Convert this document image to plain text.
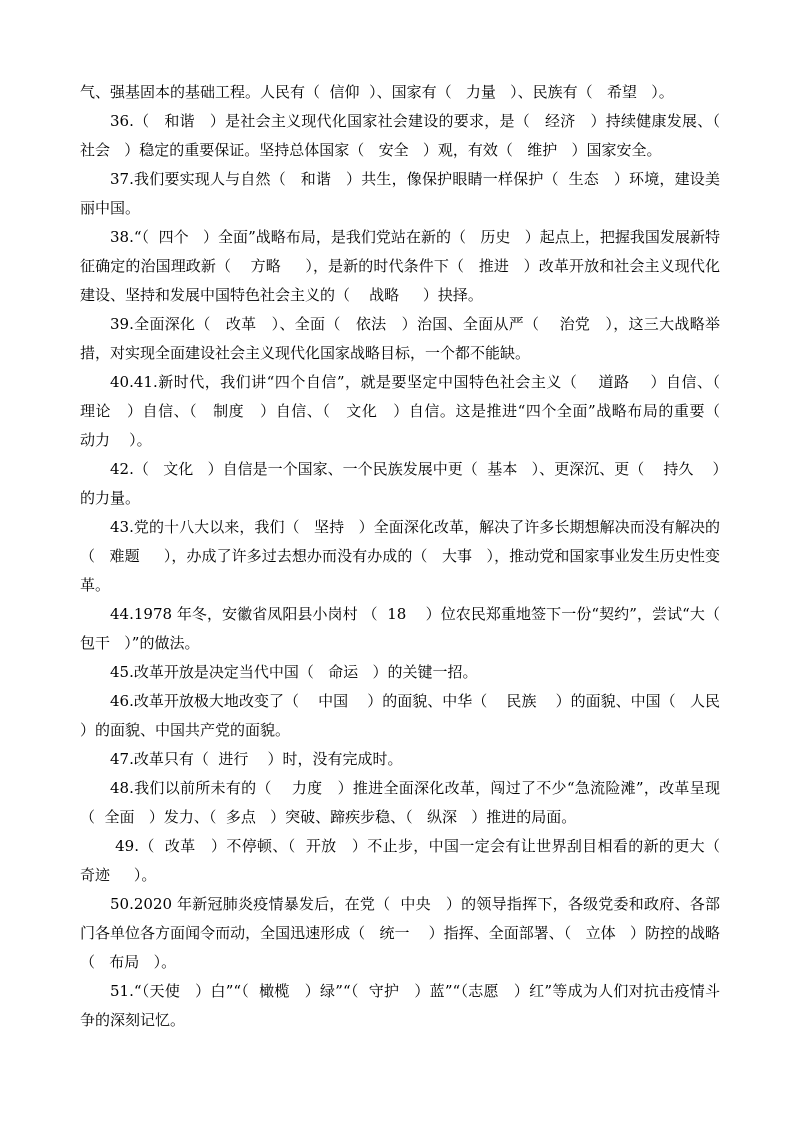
气、强基固本的基础工程。人民有（  信仰  ）、国家有（   力量   ）、民族有（   希望   ）。

36.（   和谐   ）是社会主义现代化国家社会建设的要求，是（   经济   ）持续健康发展、（   社会   ）稳定的重要保证。坚持总体国家（   安全   ）观，有效（   维护   ）国家安全。

37.我们要实现人与自然（   和谐   ）共生，像保护眼睛一样保护（  生态   ）环境，建设美丽中国。

38.“（  四个   ）全面”战略布局，是我们党站在新的（   历史   ）起点上，把握我国发展新特征确定的治国理政新（    方略     ），是新的时代条件下（   推进   ）改革开放和社会主义现代化建设、坚持和发展中国特色社会主义的（    战略     ）抉择。

39.全面深化（   改革   ）、全面（   依法   ）治国、全面从严（    治党   ），这三大战略举措，对实现全面建设社会主义现代化国家战略目标，一个都不能缺。

40.41.新时代，我们讲“四个自信”，就是要坚定中国特色社会主义（    道路    ）自信、（  理论   ）自信、（   制度   ）自信、（   文化   ）自信。这是推进“四个全面”战略布局的重要（   动力    ）。

42.（   文化   ）自信是一个国家、一个民族发展中更（  基本   ）、更深沉、更（    持久    ）的力量。

43.党的十八大以来，我们（   坚持   ）全面深化改革，解决了许多长期想解决而没有解决的（   难题     ），办成了许多过去想办而没有办成的（   大事   ），推动党和国家事业发生历史性变革。

44.1978 年冬，安徽省凤阳县小岗村 （  18    ）位农民郑重地签下一份“契约”，尝试“大（  包干   ）”的做法。

45.改革开放是决定当代中国（   命运   ）的关键一招。

46.改革开放极大地改变了（    中国    ）的面貌、中华（    民族    ）的面貌、中国（   人民   ）的面貌、中国共产党的面貌。

47.改革只有（  进行    ）时，没有完成时。

48.我们以前所未有的（    力度   ）推进全面深化改革，闯过了不少“急流险滩”，改革呈现（  全面   ）发力、（  多点   ）突破、蹄疾步稳、（   纵深   ）推进的局面。

49.（  改革   ）不停顿、（  开放   ）不止步，中国一定会有让世界刮目相看的新的更大（    奇迹     ）。

50.2020 年新冠肺炎疫情暴发后，在党（  中央   ）的领导指挥下，各级党委和政府、各部门各单位各方面闻令而动，全国迅速形成（   统一    ）指挥、全面部署、（   立体   ）防控的战略（   布局   ）。

51.“（天使   ）白”“（  橄榄   ）绿”“（  守护   ）蓝”“（志愿   ）红”等成为人们对抗击疫情斗争的深刻记忆。
